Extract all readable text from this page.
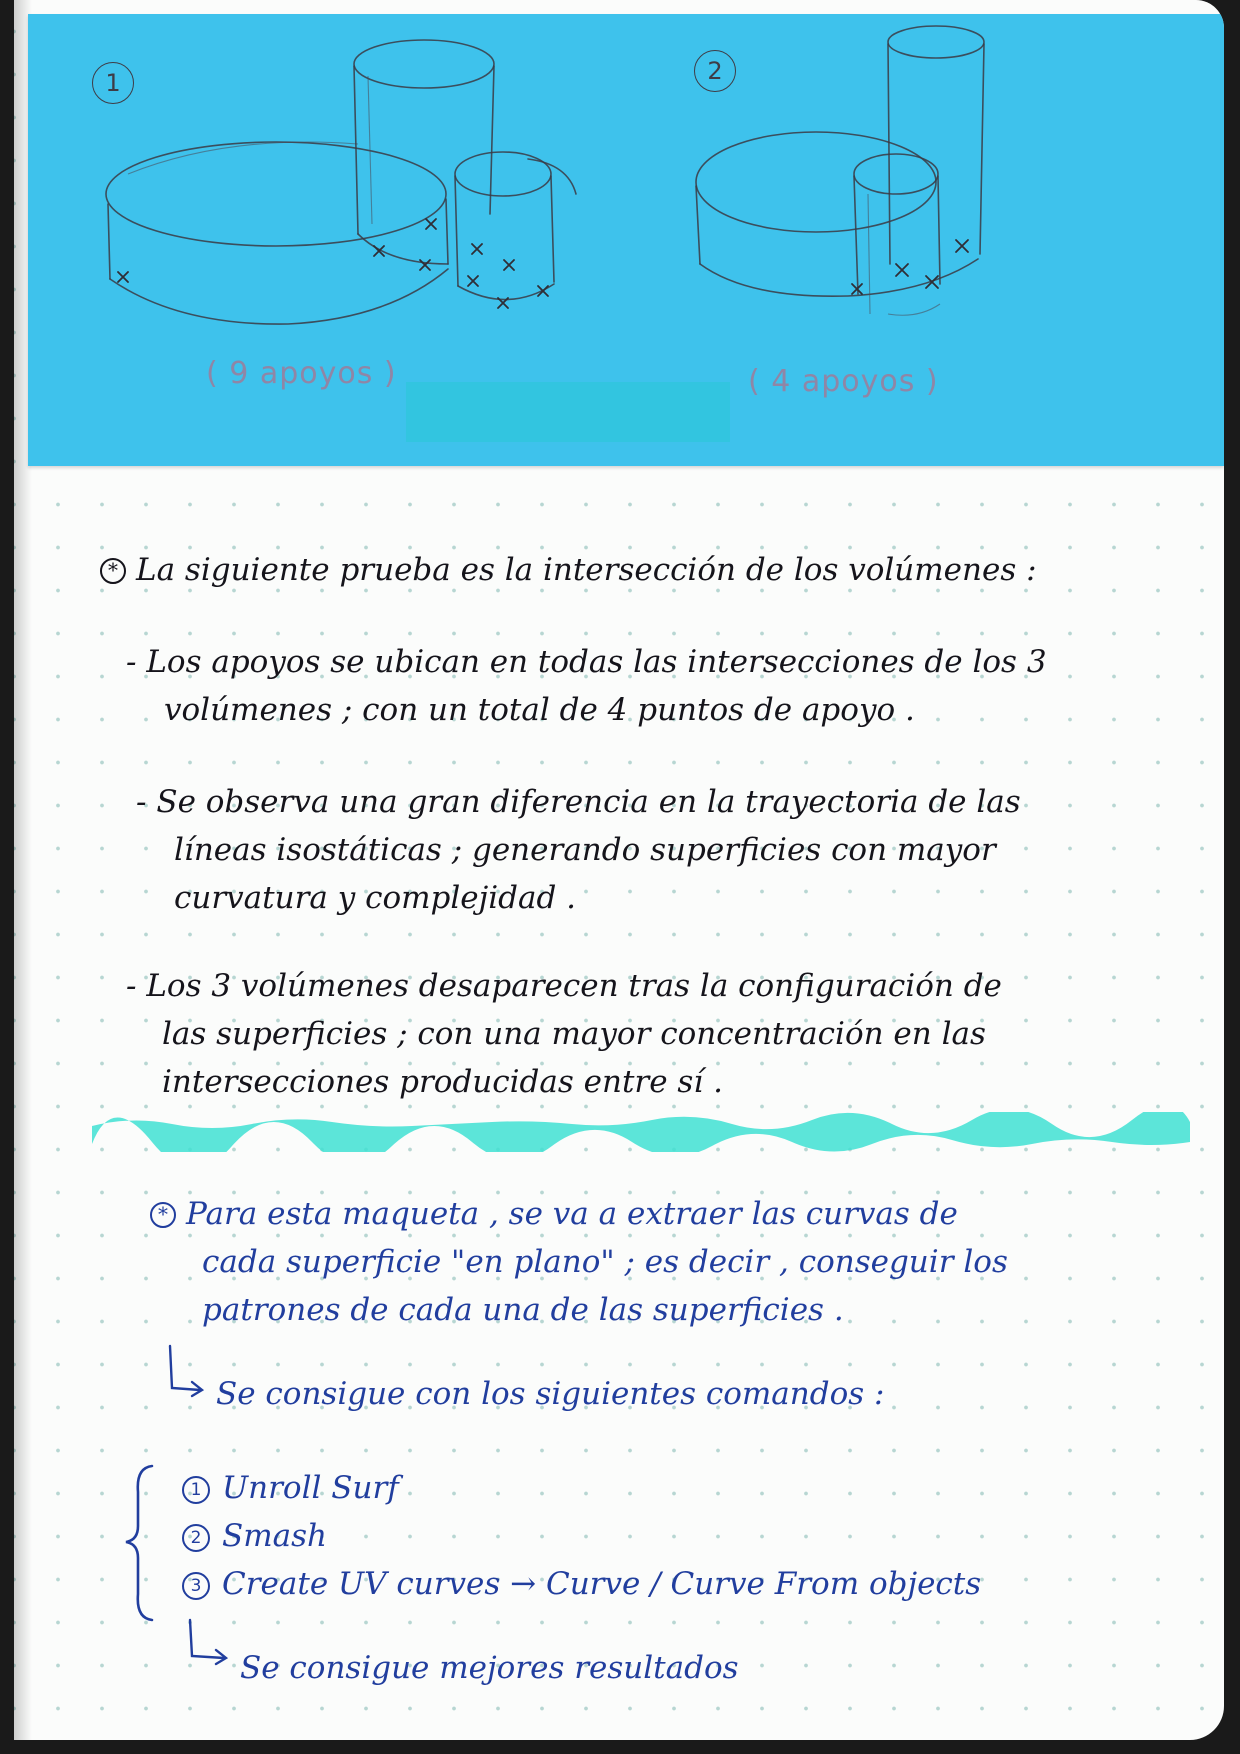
1	2
( 9 apoyos )	( 4 apoyos )
* La siguiente prueba es la intersección de los volúmenes :
- Los apoyos se ubican en todas las intersecciones de los 3
volúmenes ; con un total de 4 puntos de apoyo .
- Se observa una gran diferencia en la trayectoria de las
líneas isostáticas ; generando superficies con mayor
curvatura y complejidad .
- Los 3 volúmenes desaparecen tras la configuración de
las superficies ; con una mayor concentración en las
intersecciones producidas entre sí .
* Para esta maqueta , se va a extraer las curvas de
cada superficie "en plano" ; es decir , conseguir los
patrones de cada una de las superficies .
Se consigue con los siguientes comandos :
1 Unroll Surf
2 Smash
3 Create UV curves → Curve / Curve From objects
Se consigue mejores resultados
